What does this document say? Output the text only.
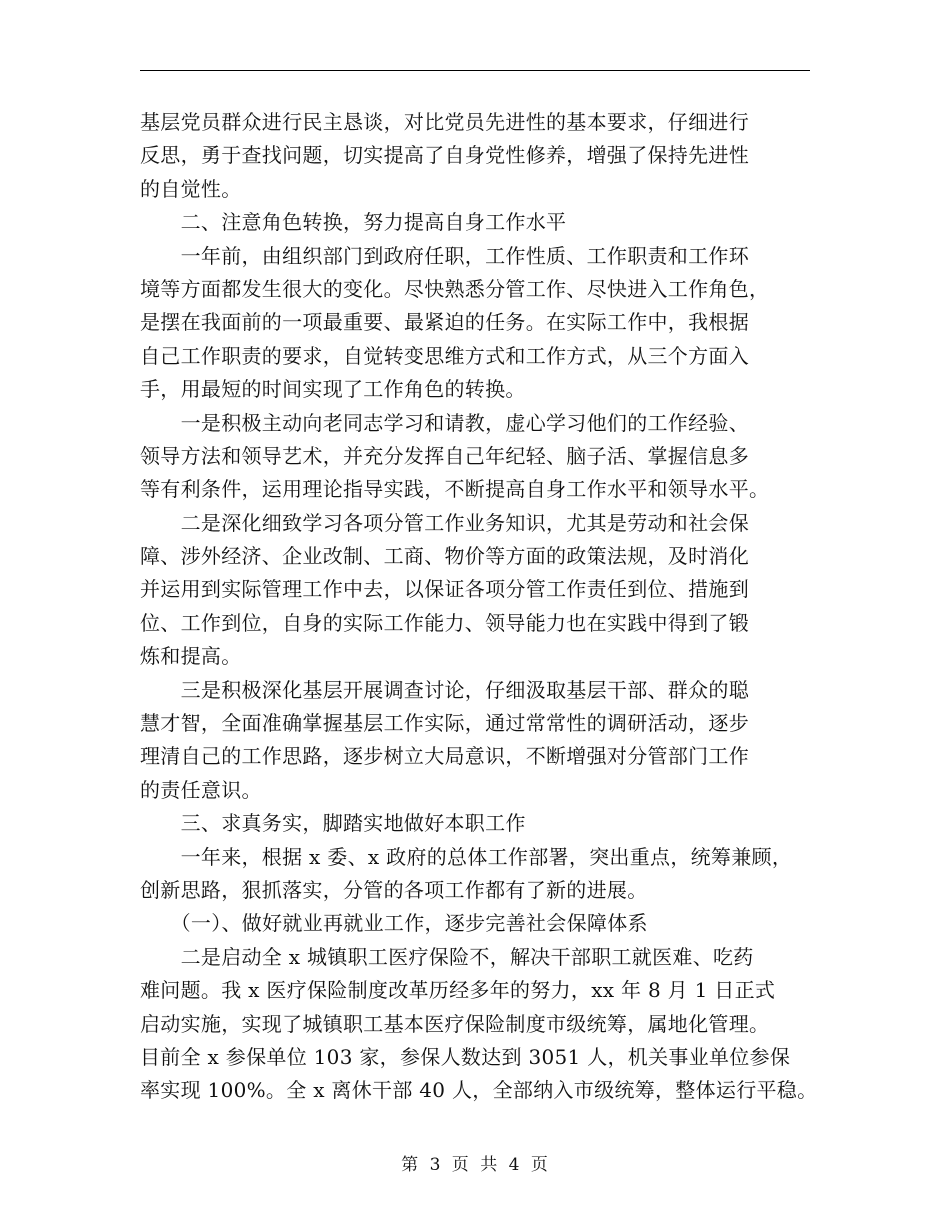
基层党员群众进行民主恳谈，对比党员先进性的基本要求，仔细进行
反思，勇于查找问题，切实提高了自身党性修养，增强了保持先进性
的自觉性。
　　二、注意角色转换，努力提高自身工作水平
　　一年前，由组织部门到政府任职，工作性质、工作职责和工作环
境等方面都发生很大的变化。尽快熟悉分管工作、尽快进入工作角色，
是摆在我面前的一项最重要、最紧迫的任务。在实际工作中，我根据
自己工作职责的要求，自觉转变思维方式和工作方式，从三个方面入
手，用最短的时间实现了工作角色的转换。
　　一是积极主动向老同志学习和请教，虚心学习他们的工作经验、
领导方法和领导艺术，并充分发挥自己年纪轻、脑子活、掌握信息多
等有利条件，运用理论指导实践，不断提高自身工作水平和领导水平。
　　二是深化细致学习各项分管工作业务知识，尤其是劳动和社会保
障、涉外经济、企业改制、工商、物价等方面的政策法规，及时消化
并运用到实际管理工作中去，以保证各项分管工作责任到位、措施到
位、工作到位，自身的实际工作能力、领导能力也在实践中得到了锻
炼和提高。
　　三是积极深化基层开展调查讨论，仔细汲取基层干部、群众的聪
慧才智，全面准确掌握基层工作实际，通过常常性的调研活动，逐步
理清自己的工作思路，逐步树立大局意识，不断增强对分管部门工作
的责任意识。
　　三、求真务实，脚踏实地做好本职工作
　　一年来，根据 x 委、x 政府的总体工作部署，突出重点，统筹兼顾，
创新思路，狠抓落实，分管的各项工作都有了新的进展。
　　（一）、做好就业再就业工作，逐步完善社会保障体系
　　二是启动全 x 城镇职工医疗保险不，解决干部职工就医难、吃药
难问题。我 x 医疗保险制度改革历经多年的努力，xx 年 8 月 1 日正式
启动实施，实现了城镇职工基本医疗保险制度市级统筹，属地化管理。
目前全 x 参保单位 103 家，参保人数达到 3051 人，机关事业单位参保
率实现 100%。全 x 离休干部 40 人，全部纳入市级统筹，整体运行平稳。
第 3 页 共 4 页
